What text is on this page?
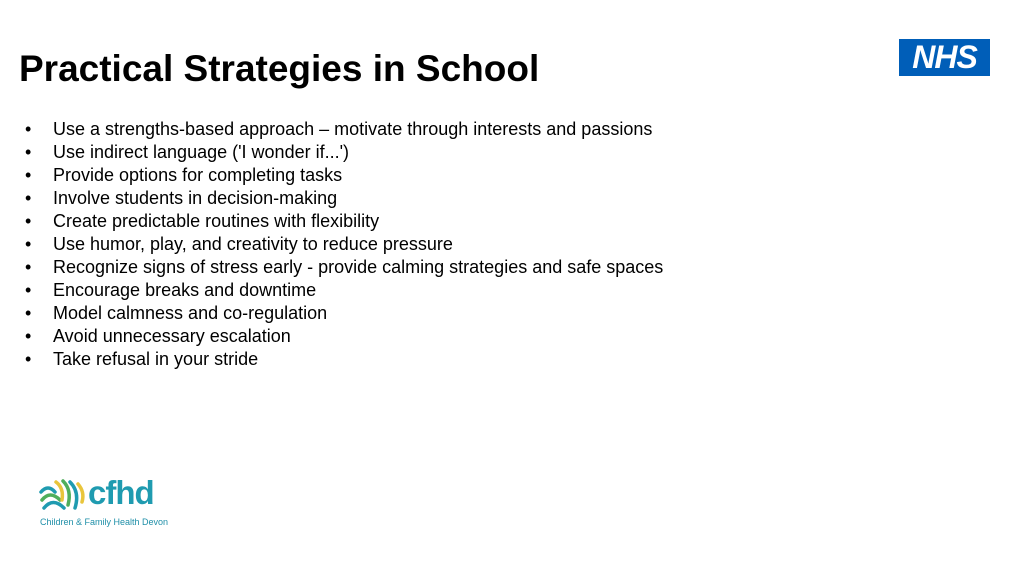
Practical Strategies in School	NHS
•	Use a strengths-based approach – motivate through interests and passions
•	Use indirect language ('I wonder if...')
•	Provide options for completing tasks
•	Involve students in decision-making
•	Create predictable routines with flexibility
•	Use humor, play, and creativity to reduce pressure
•	Recognize signs of stress early - provide calming strategies and safe spaces
•	Encourage breaks and downtime
•	Model calmness and co-regulation
•	Avoid unnecessary escalation
•	Take refusal in your stride
cfhd
Children & Family Health Devon
